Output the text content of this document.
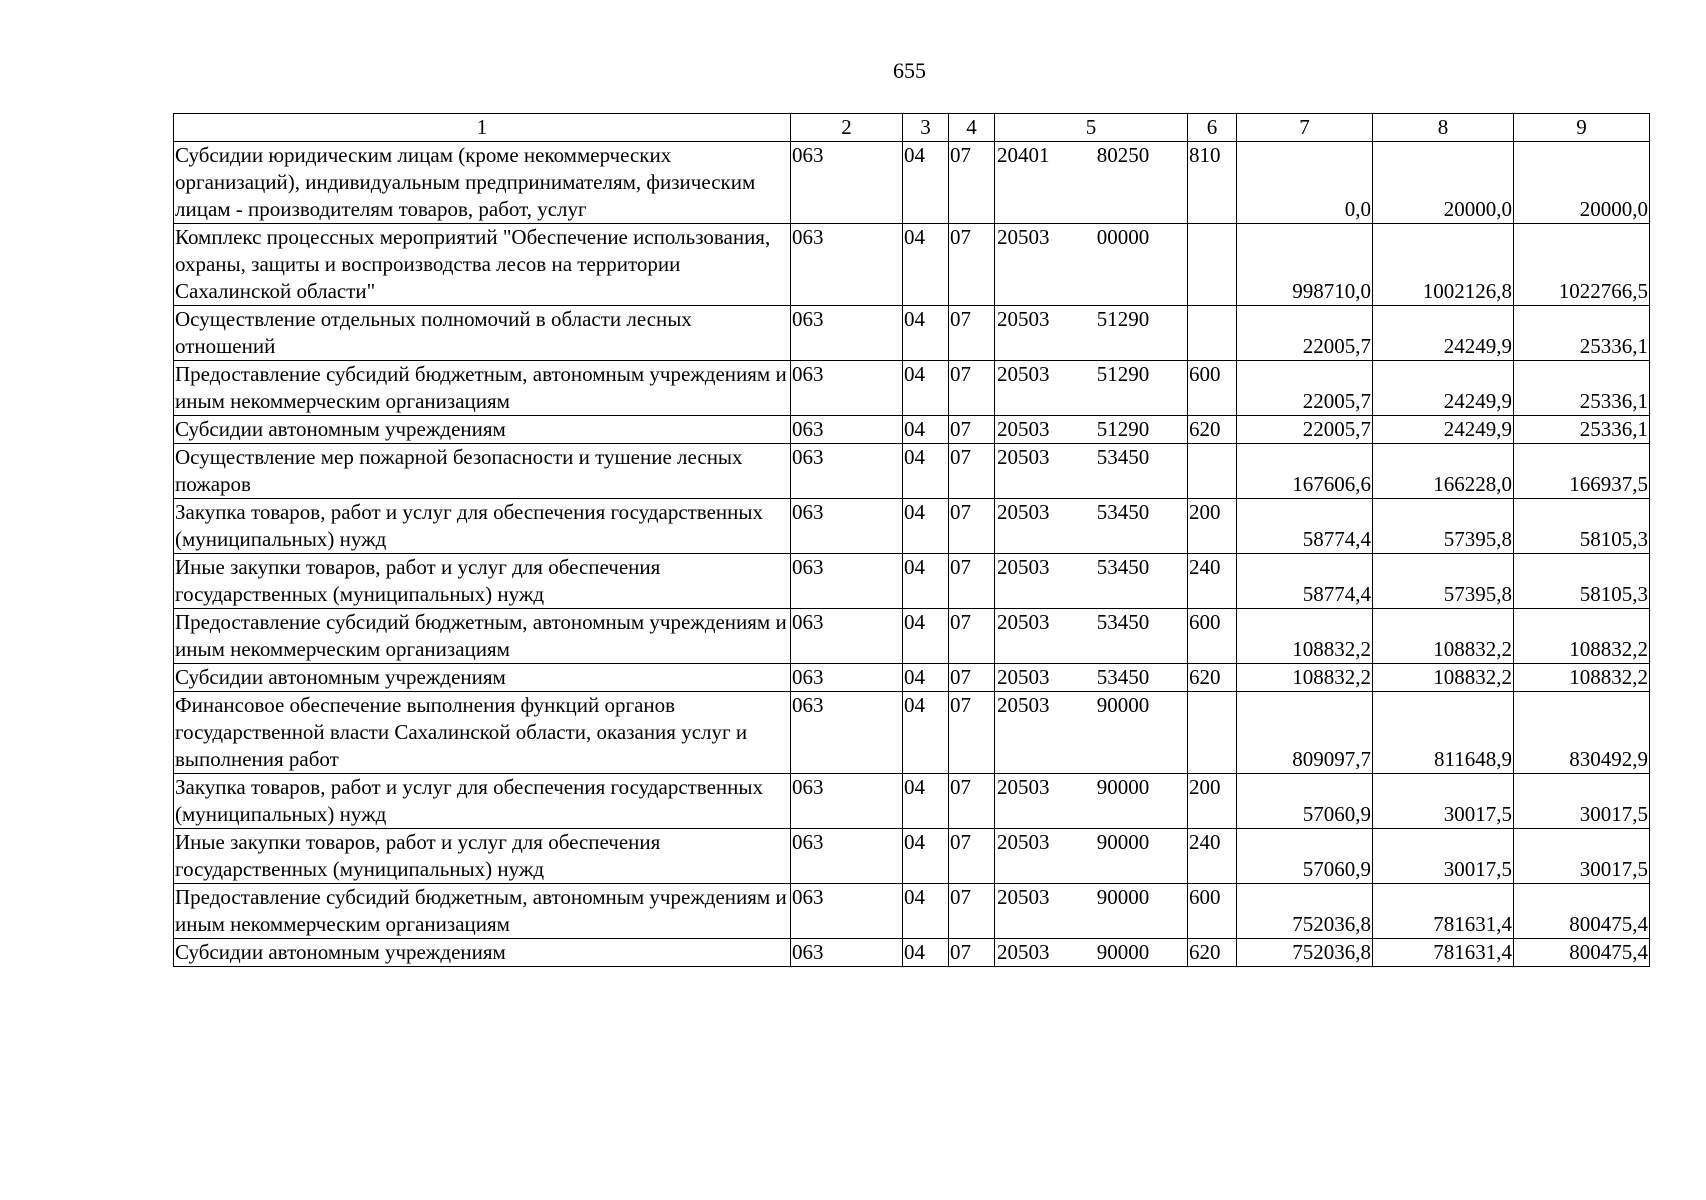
655
1	2	3	4	5	6	7	8	9
Субсидии юридическим лицам (кроме некоммерческих организаций), индивидуальным предпринимателям, физическим лицам - производителям товаров, работ, услуг	063	04	07	20401 80250	810	0,0	20000,0	20000,0
Комплекс процессных мероприятий "Обеспечение использования, охраны, защиты и воспроизводства лесов на территории Сахалинской области"	063	04	07	20503 00000		998710,0	1002126,8	1022766,5
Осуществление отдельных полномочий в области лесных отношений	063	04	07	20503 51290		22005,7	24249,9	25336,1
Предоставление субсидий бюджетным, автономным учреждениям и иным некоммерческим организациям	063	04	07	20503 51290	600	22005,7	24249,9	25336,1
Субсидии автономным учреждениям	063	04	07	20503 51290	620	22005,7	24249,9	25336,1
Осуществление мер пожарной безопасности и тушение лесных пожаров	063	04	07	20503 53450		167606,6	166228,0	166937,5
Закупка товаров, работ и услуг для обеспечения государственных (муниципальных) нужд	063	04	07	20503 53450	200	58774,4	57395,8	58105,3
Иные закупки товаров, работ и услуг для обеспечения государственных (муниципальных) нужд	063	04	07	20503 53450	240	58774,4	57395,8	58105,3
Предоставление субсидий бюджетным, автономным учреждениям и иным некоммерческим организациям	063	04	07	20503 53450	600	108832,2	108832,2	108832,2
Субсидии автономным учреждениям	063	04	07	20503 53450	620	108832,2	108832,2	108832,2
Финансовое обеспечение выполнения функций органов государственной власти Сахалинской области, оказания услуг и выполнения работ	063	04	07	20503 90000		809097,7	811648,9	830492,9
Закупка товаров, работ и услуг для обеспечения государственных (муниципальных) нужд	063	04	07	20503 90000	200	57060,9	30017,5	30017,5
Иные закупки товаров, работ и услуг для обеспечения государственных (муниципальных) нужд	063	04	07	20503 90000	240	57060,9	30017,5	30017,5
Предоставление субсидий бюджетным, автономным учреждениям и иным некоммерческим организациям	063	04	07	20503 90000	600	752036,8	781631,4	800475,4
Субсидии автономным учреждениям	063	04	07	20503 90000	620	752036,8	781631,4	800475,4
